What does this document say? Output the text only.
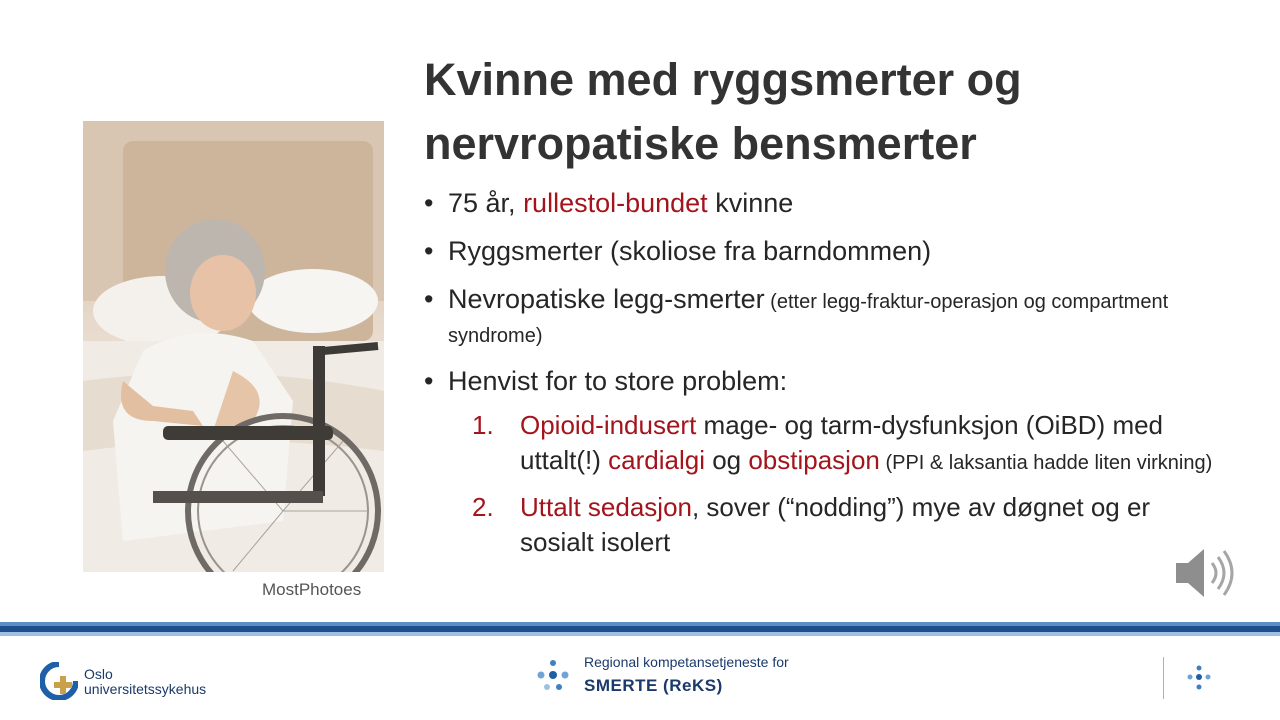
MostPhotoes
Kvinne med ryggsmerter og nervropatiske bensmerter
• 75 år, rullestol-bundet kvinne
• Ryggsmerter (skoliose fra barndommen)
• Nevropatiske legg-smerter (etter legg-fraktur-operasjon og compartment syndrome)
• Henvist for to store problem:
1. Opioid-indusert mage- og tarm-dysfunksjon (OiBD) med uttalt(!) cardialgi og obstipasjon (PPI & laksantia hadde liten virkning)
2. Uttalt sedasjon, sover (“nodding”) mye av døgnet og er sosialt isolert
Oslo
universitetssykehus
Regional kompetansetjeneste for
SMERTE (ReKS)
